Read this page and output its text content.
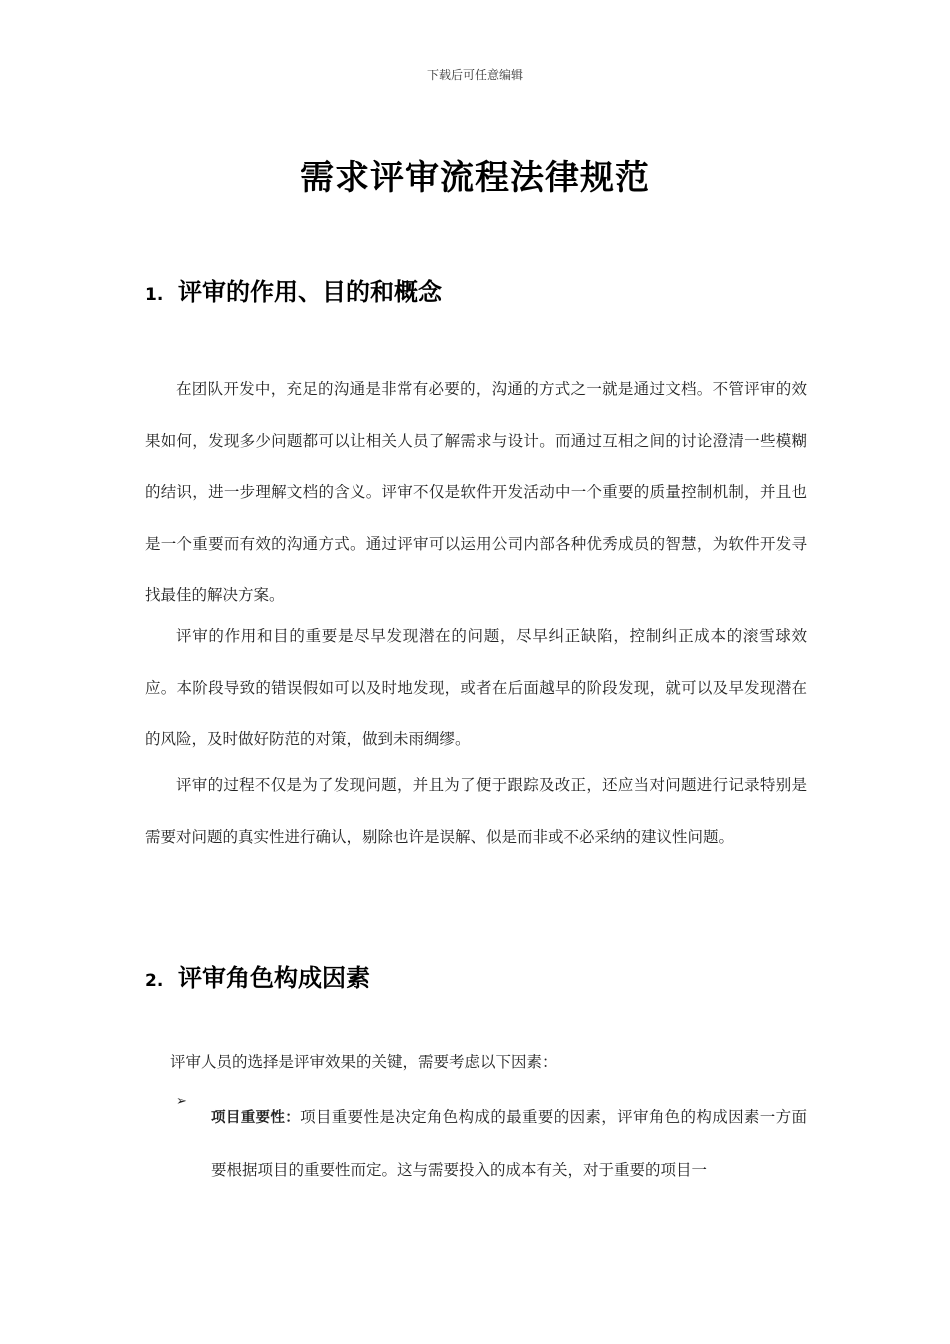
下载后可任意编辑
需求评审流程法律规范
1. 评审的作用、目的和概念

在团队开发中，充足的沟通是非常有必要的，沟通的方式之一就是通过文档。不管评审的效果如何，发现多少问题都可以让相关人员了解需求与设计。而通过互相之间的讨论澄清一些模糊的结识，进一步理解文档的含义。评审不仅是软件开发活动中一个重要的质量控制机制，并且也是一个重要而有效的沟通方式。通过评审可以运用公司内部各种优秀成员的智慧，为软件开发寻找最佳的解决方案。

评审的作用和目的重要是尽早发现潜在的问题，尽早纠正缺陷，控制纠正成本的滚雪球效应。本阶段导致的错误假如可以及时地发现，或者在后面越早的阶段发现，就可以及早发现潜在的风险，及时做好防范的对策，做到未雨绸缪。

评审的过程不仅是为了发现问题，并且为了便于跟踪及改正，还应当对问题进行记录特别是需要对问题的真实性进行确认，剔除也许是误解、似是而非或不必采纳的建议性问题。

2. 评审角色构成因素
评审人员的选择是评审效果的关键，需要考虑以下因素：
➢
项目重要性：项目重要性是决定角色构成的最重要的因素，评审角色的构成因素一方面要根据项目的重要性而定。这与需要投入的成本有关，对于重要的项目一
